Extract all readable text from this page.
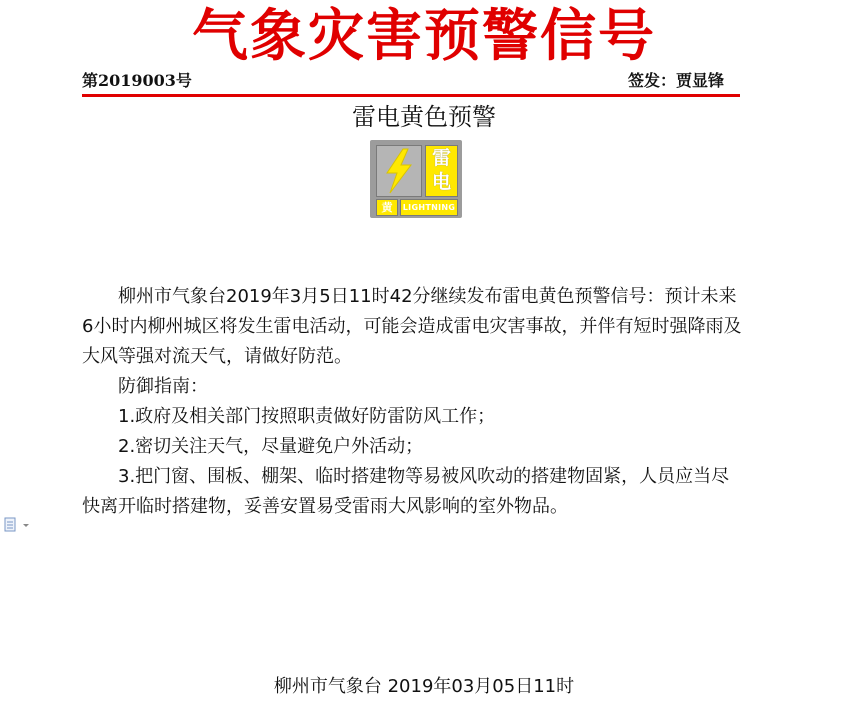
气象灾害预警信号
第2019003号	签发：贾显锋
雷电黄色预警
雷
电
黄	LIGHTNING

柳州市气象台2019年3月5日11时42分继续发布雷电黄色预警信号：预计未来6小时内柳州城区将发生雷电活动，可能会造成雷电灾害事故，并伴有短时强降雨及大风等强对流天气，请做好防范。

防御指南：

1.政府及相关部门按照职责做好防雷防风工作；

2.密切关注天气，尽量避免户外活动；

3.把门窗、围板、棚架、临时搭建物等易被风吹动的搭建物固紧，人员应当尽快离开临时搭建物，妥善安置易受雷雨大风影响的室外物品。

柳州市气象台 2019年03月05日11时
